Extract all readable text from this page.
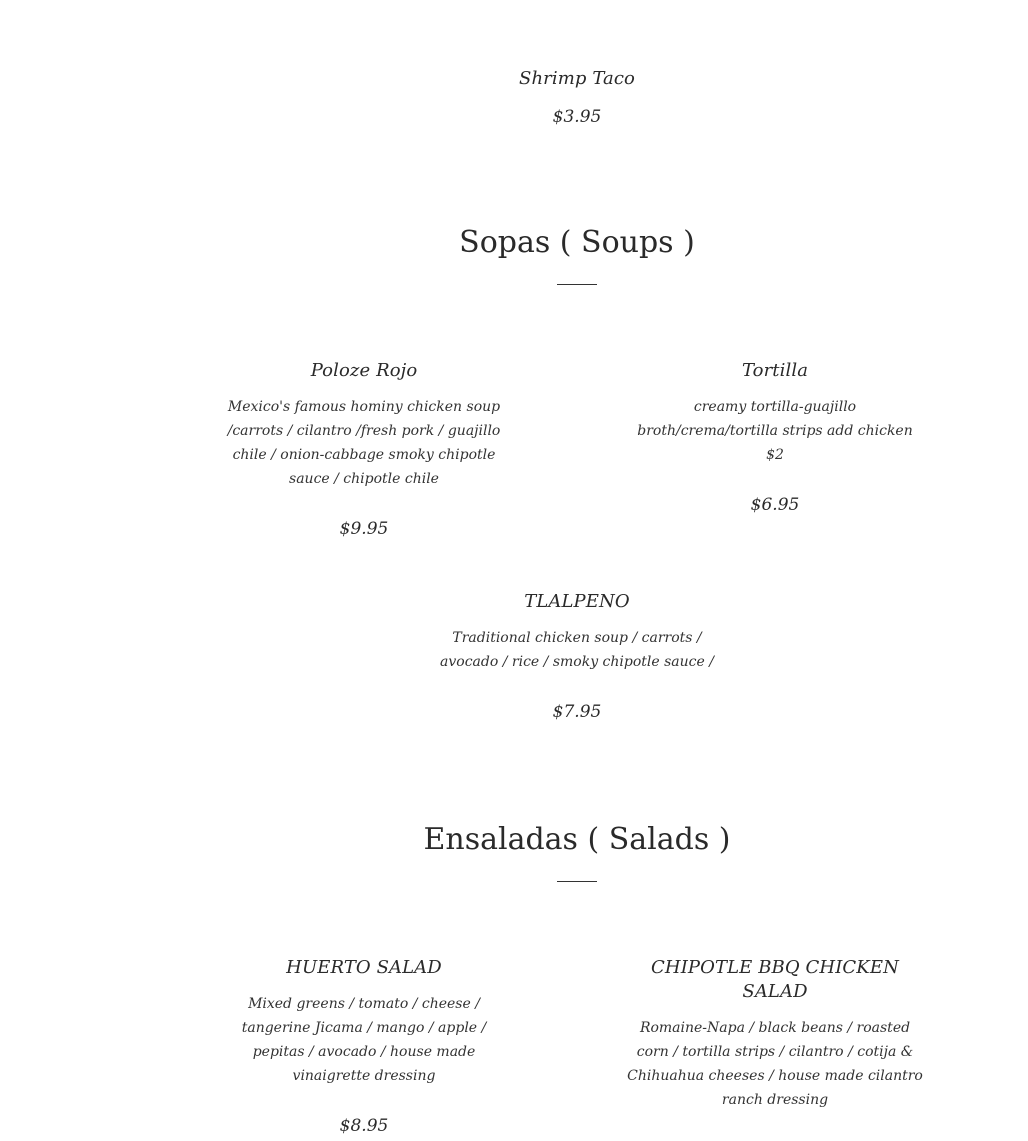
Shrimp Taco

$3.95

Sopas ( Soups )
Poloze Rojo

Mexico's famous hominy chicken soup /carrots / cilantro /fresh pork / guajillo chile / onion-cabbage smoky chipotle sauce / chipotle chile

$9.95

Tortilla

creamy tortilla-guajillo broth/crema/tortilla strips add chicken $2

$6.95

TLALPENO

Traditional chicken soup / carrots / avocado / rice / smoky chipotle sauce /

$7.95

Ensaladas ( Salads )
HUERTO SALAD

Mixed greens / tomato / cheese / tangerine Jicama / mango / apple / pepitas / avocado / house made vinaigrette dressing

$8.95

CHIPOTLE BBQ CHICKEN SALAD

Romaine-Napa / black beans / roasted corn / tortilla strips / cilantro / cotija & Chihuahua cheeses / house made cilantro ranch dressing
